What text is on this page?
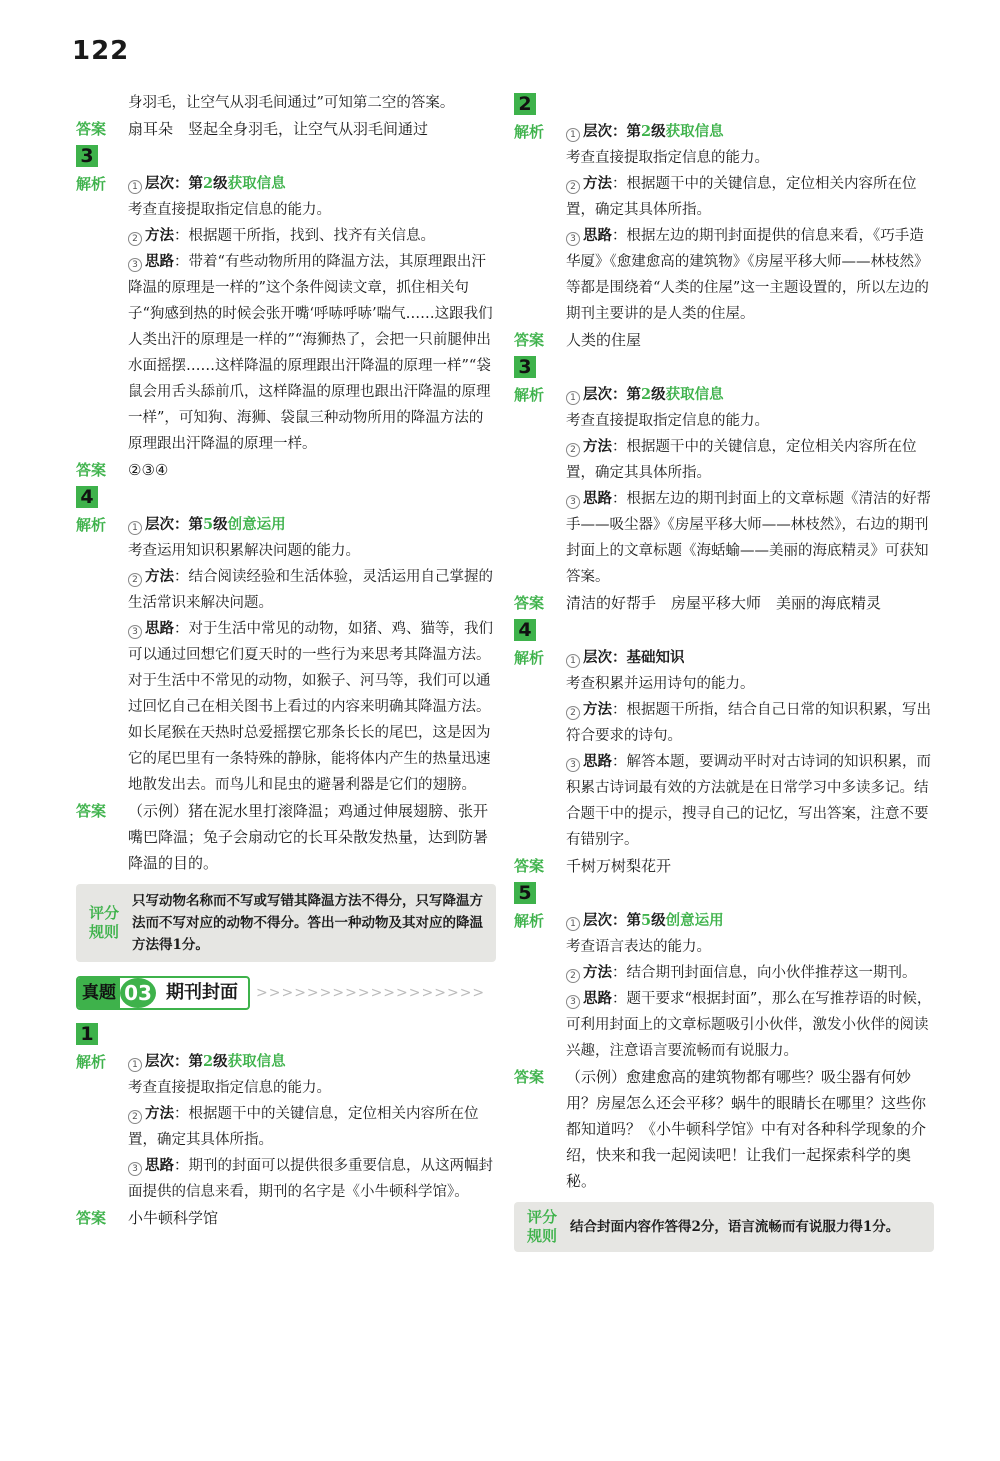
122
身羽毛，让空气从羽毛间通过”可知第二空的答案。
答案	扇耳朵　竖起全身羽毛，让空气从羽毛间通过
3
解析	1 层次：第2级获取信息
考查直接提取指定信息的能力。
2 方法：根据题干所指，找到、找齐有关信息。
3 思路：带着“有些动物所用的降温方法，其原理跟出汗降温的原理是一样的”这个条件阅读文章，抓住相关句子“狗感到热的时候会张开嘴‘呼哧呼哧’喘气……这跟我们人类出汗的原理是一样的”“海狮热了，会把一只前腿伸出水面摇摆……这样降温的原理跟出汗降温的原理一样”“袋鼠会用舌头舔前爪，这样降温的原理也跟出汗降温的原理一样”，可知狗、海狮、袋鼠三种动物所用的降温方法的原理跟出汗降温的原理一样。
答案	②③④
4
解析	1 层次：第5级创意运用
考查运用知识积累解决问题的能力。
2 方法：结合阅读经验和生活体验，灵活运用自己掌握的生活常识来解决问题。
3 思路：对于生活中常见的动物，如猪、鸡、猫等，我们可以通过回想它们夏天时的一些行为来思考其降温方法。对于生活中不常见的动物，如猴子、河马等，我们可以通过回忆自己在相关图书上看过的内容来明确其降温方法。如长尾猴在天热时总爱摇摆它那条长长的尾巴，这是因为它的尾巴里有一条特殊的静脉，能将体内产生的热量迅速地散发出去。而鸟儿和昆虫的避暑利器是它们的翅膀。
答案	（示例）猪在泥水里打滚降温；鸡通过伸展翅膀、张开嘴巴降温；兔子会扇动它的长耳朵散发热量，达到防暑降温的目的。
评分
规则
只写动物名称而不写或写错其降温方法不得分，只写降温方法而不写对应的动物不得分。答出一种动物及其对应的降温方法得1分。
真题 03 期刊封面	>>>>>>>>>>>>>>>>>>
1
解析	1 层次：第2级获取信息
考查直接提取指定信息的能力。
2 方法：根据题干中的关键信息，定位相关内容所在位置，确定其具体所指。
3 思路：期刊的封面可以提供很多重要信息，从这两幅封面提供的信息来看，期刊的名字是《小牛顿科学馆》。
答案	小牛顿科学馆
2
解析	1 层次：第2级获取信息
考查直接提取指定信息的能力。
2 方法：根据题干中的关键信息，定位相关内容所在位置，确定其具体所指。
3 思路：根据左边的期刊封面提供的信息来看，《巧手造华厦》《愈建愈高的建筑物》《房屋平移大师——林枝然》等都是围绕着“人类的住屋”这一主题设置的，所以左边的期刊主要讲的是人类的住屋。
答案	人类的住屋
3
解析	1 层次：第2级获取信息
考查直接提取指定信息的能力。
2 方法：根据题干中的关键信息，定位相关内容所在位置，确定其具体所指。
3 思路：根据左边的期刊封面上的文章标题《清洁的好帮手——吸尘器》《房屋平移大师——林枝然》，右边的期刊封面上的文章标题《海蛞蝓——美丽的海底精灵》可获知答案。
答案	清洁的好帮手　房屋平移大师　美丽的海底精灵
4
解析	1 层次：基础知识
考查积累并运用诗句的能力。
2 方法：根据题干所指，结合自己日常的知识积累，写出符合要求的诗句。
3 思路：解答本题，要调动平时对古诗词的知识积累，而积累古诗词最有效的方法就是在日常学习中多读多记。结合题干中的提示，搜寻自己的记忆，写出答案，注意不要有错别字。
答案	千树万树梨花开
5
解析	1 层次：第5级创意运用
考查语言表达的能力。
2 方法：结合期刊封面信息，向小伙伴推荐这一期刊。
3 思路：题干要求“根据封面”，那么在写推荐语的时候，可利用封面上的文章标题吸引小伙伴，激发小伙伴的阅读兴趣，注意语言要流畅而有说服力。
答案	（示例）愈建愈高的建筑物都有哪些？吸尘器有何妙用？房屋怎么还会平移？蜗牛的眼睛长在哪里？这些你都知道吗？《小牛顿科学馆》中有对各种科学现象的介绍，快来和我一起阅读吧！让我们一起探索科学的奥秘。
评分
规则 结合封面内容作答得2分，语言流畅而有说服力得1分。
